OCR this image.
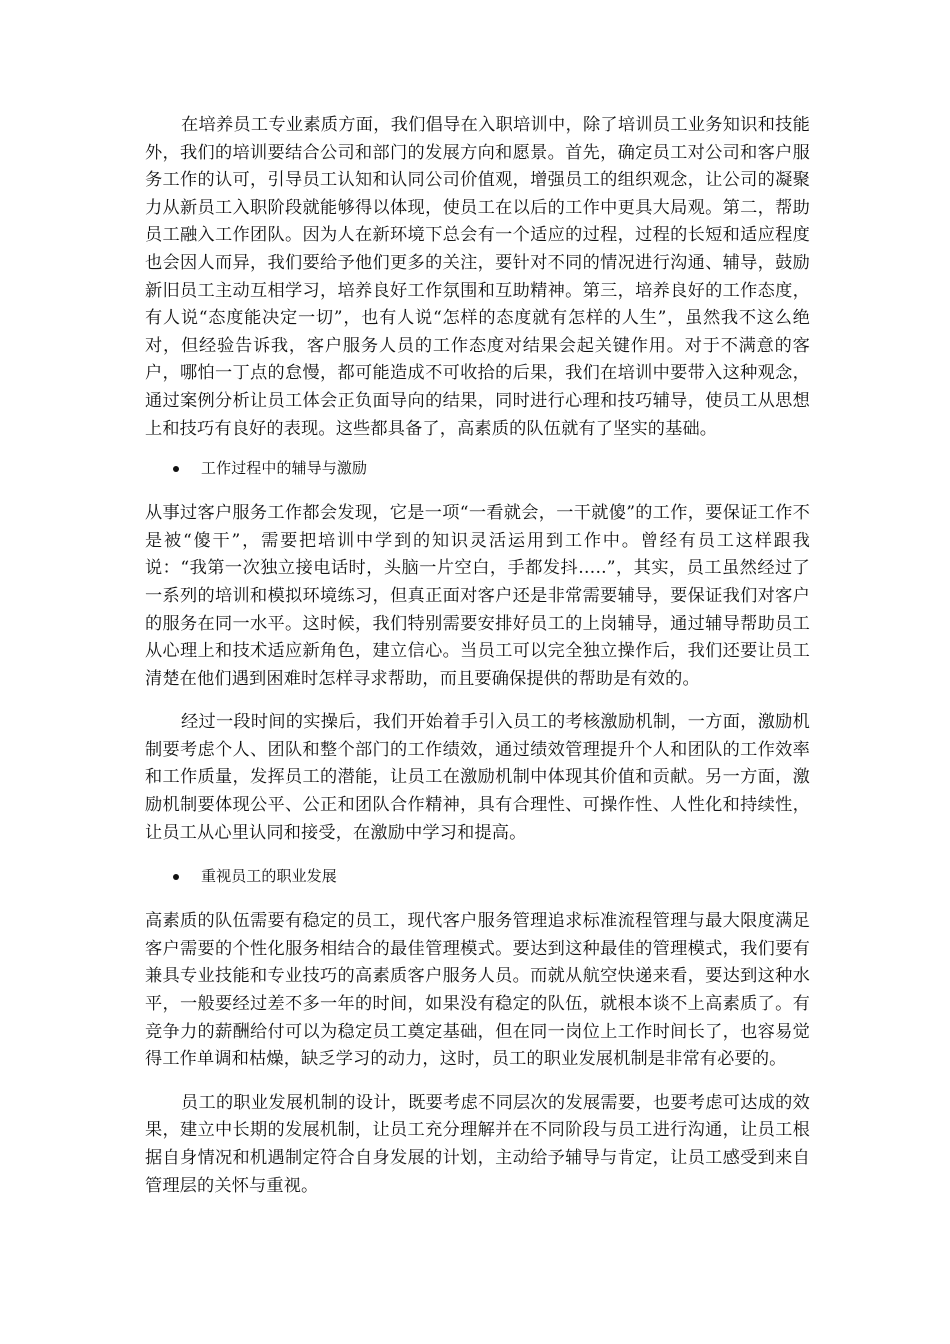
在培养员工专业素质方面，我们倡导在入职培训中，除了培训员工业务知识和技能外，我们的培训要结合公司和部门的发展方向和愿景。首先，确定员工对公司和客户服务工作的认可，引导员工认知和认同公司价值观，增强员工的组织观念，让公司的凝聚力从新员工入职阶段就能够得以体现，使员工在以后的工作中更具大局观。第二，帮助员工融入工作团队。因为人在新环境下总会有一个适应的过程，过程的长短和适应程度也会因人而异，我们要给予他们更多的关注，要针对不同的情况进行沟通、辅导，鼓励新旧员工主动互相学习，培养良好工作氛围和互助精神。第三，培养良好的工作态度，有人说“态度能决定一切”，也有人说“怎样的态度就有怎样的人生”，虽然我不这么绝对，但经验告诉我，客户服务人员的工作态度对结果会起关键作用。对于不满意的客户，哪怕一丁点的怠慢，都可能造成不可收拾的后果，我们在培训中要带入这种观念，通过案例分析让员工体会正负面导向的结果，同时进行心理和技巧辅导，使员工从思想上和技巧有良好的表现。这些都具备了，高素质的队伍就有了坚实的基础。

工作过程中的辅导与激励

从事过客户服务工作都会发现，它是一项“一看就会，一干就傻”的工作，要保证工作不是被“傻干”，需要把培训中学到的知识灵活运用到工作中。曾经有员工这样跟我说：“我第一次独立接电话时，头脑一片空白，手都发抖…..”，其实，员工虽然经过了一系列的培训和模拟环境练习，但真正面对客户还是非常需要辅导，要保证我们对客户的服务在同一水平。这时候，我们特别需要安排好员工的上岗辅导，通过辅导帮助员工从心理上和技术适应新角色，建立信心。当员工可以完全独立操作后，我们还要让员工清楚在他们遇到困难时怎样寻求帮助，而且要确保提供的帮助是有效的。

经过一段时间的实操后，我们开始着手引入员工的考核激励机制，一方面，激励机制要考虑个人、团队和整个部门的工作绩效，通过绩效管理提升个人和团队的工作效率和工作质量，发挥员工的潜能，让员工在激励机制中体现其价值和贡献。另一方面，激励机制要体现公平、公正和团队合作精神，具有合理性、可操作性、人性化和持续性，让员工从心里认同和接受，在激励中学习和提高。

重视员工的职业发展

高素质的队伍需要有稳定的员工，现代客户服务管理追求标准流程管理与最大限度满足客户需要的个性化服务相结合的最佳管理模式。要达到这种最佳的管理模式，我们要有兼具专业技能和专业技巧的高素质客户服务人员。而就从航空快递来看，要达到这种水平，一般要经过差不多一年的时间，如果没有稳定的队伍，就根本谈不上高素质了。有竞争力的薪酬给付可以为稳定员工奠定基础，但在同一岗位上工作时间长了，也容易觉得工作单调和枯燥，缺乏学习的动力，这时，员工的职业发展机制是非常有必要的。

员工的职业发展机制的设计，既要考虑不同层次的发展需要，也要考虑可达成的效果，建立中长期的发展机制，让员工充分理解并在不同阶段与员工进行沟通，让员工根据自身情况和机遇制定符合自身发展的计划，主动给予辅导与肯定，让员工感受到来自管理层的关怀与重视。
